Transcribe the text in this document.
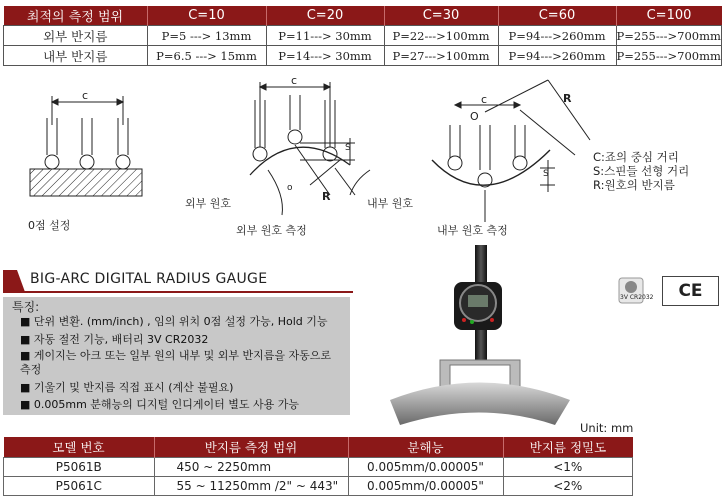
최적의 측정 범위	C=10	C=20	C=30	C=60	C=100
외부 반지름	P=5 ---> 13mm	P=11---> 30mm	P=22--->100mm	P=94--->260mm	P=255--->700mm
내부 반지름	P=6.5 ---> 15mm	P=14---> 30mm	P=27--->100mm	P=94--->260mm	P=255--->700mm
c
0점 설정
c
S
R
o
외부 원호	내부 원호
외부 원호 측정
c
O
R
S
내부 원호 측정
C:죠의 중심 거리
S:스핀들 선형 거리
R:원호의 반지름
BIG-ARC DIGITAL RADIUS GAUGE
특징:
■ 단위 변환. (mm/inch) , 임의 위치 0점 설정 가능, Hold 기능
■ 자동 절전 기능, 배터리 3V CR2032
■ 게이지는 아크 또는 일부 원의 내부 및 외부 반지름을 자동으로 측정
■ 기울기 및 반지름 직접 표시 (계산 불필요)
■ 0.005mm 분해능의 디지털 인디게이터 별도 사용 가능
3V CR2032	CE
Unit: mm
모델 번호	반지름 측정 범위	분해능	반지름 정밀도
P5061B	450 ~ 2250mm	0.005mm/0.00005"	<1%
P5061C	55 ~ 11250mm /2" ~ 443"	0.005mm/0.00005"	<2%
